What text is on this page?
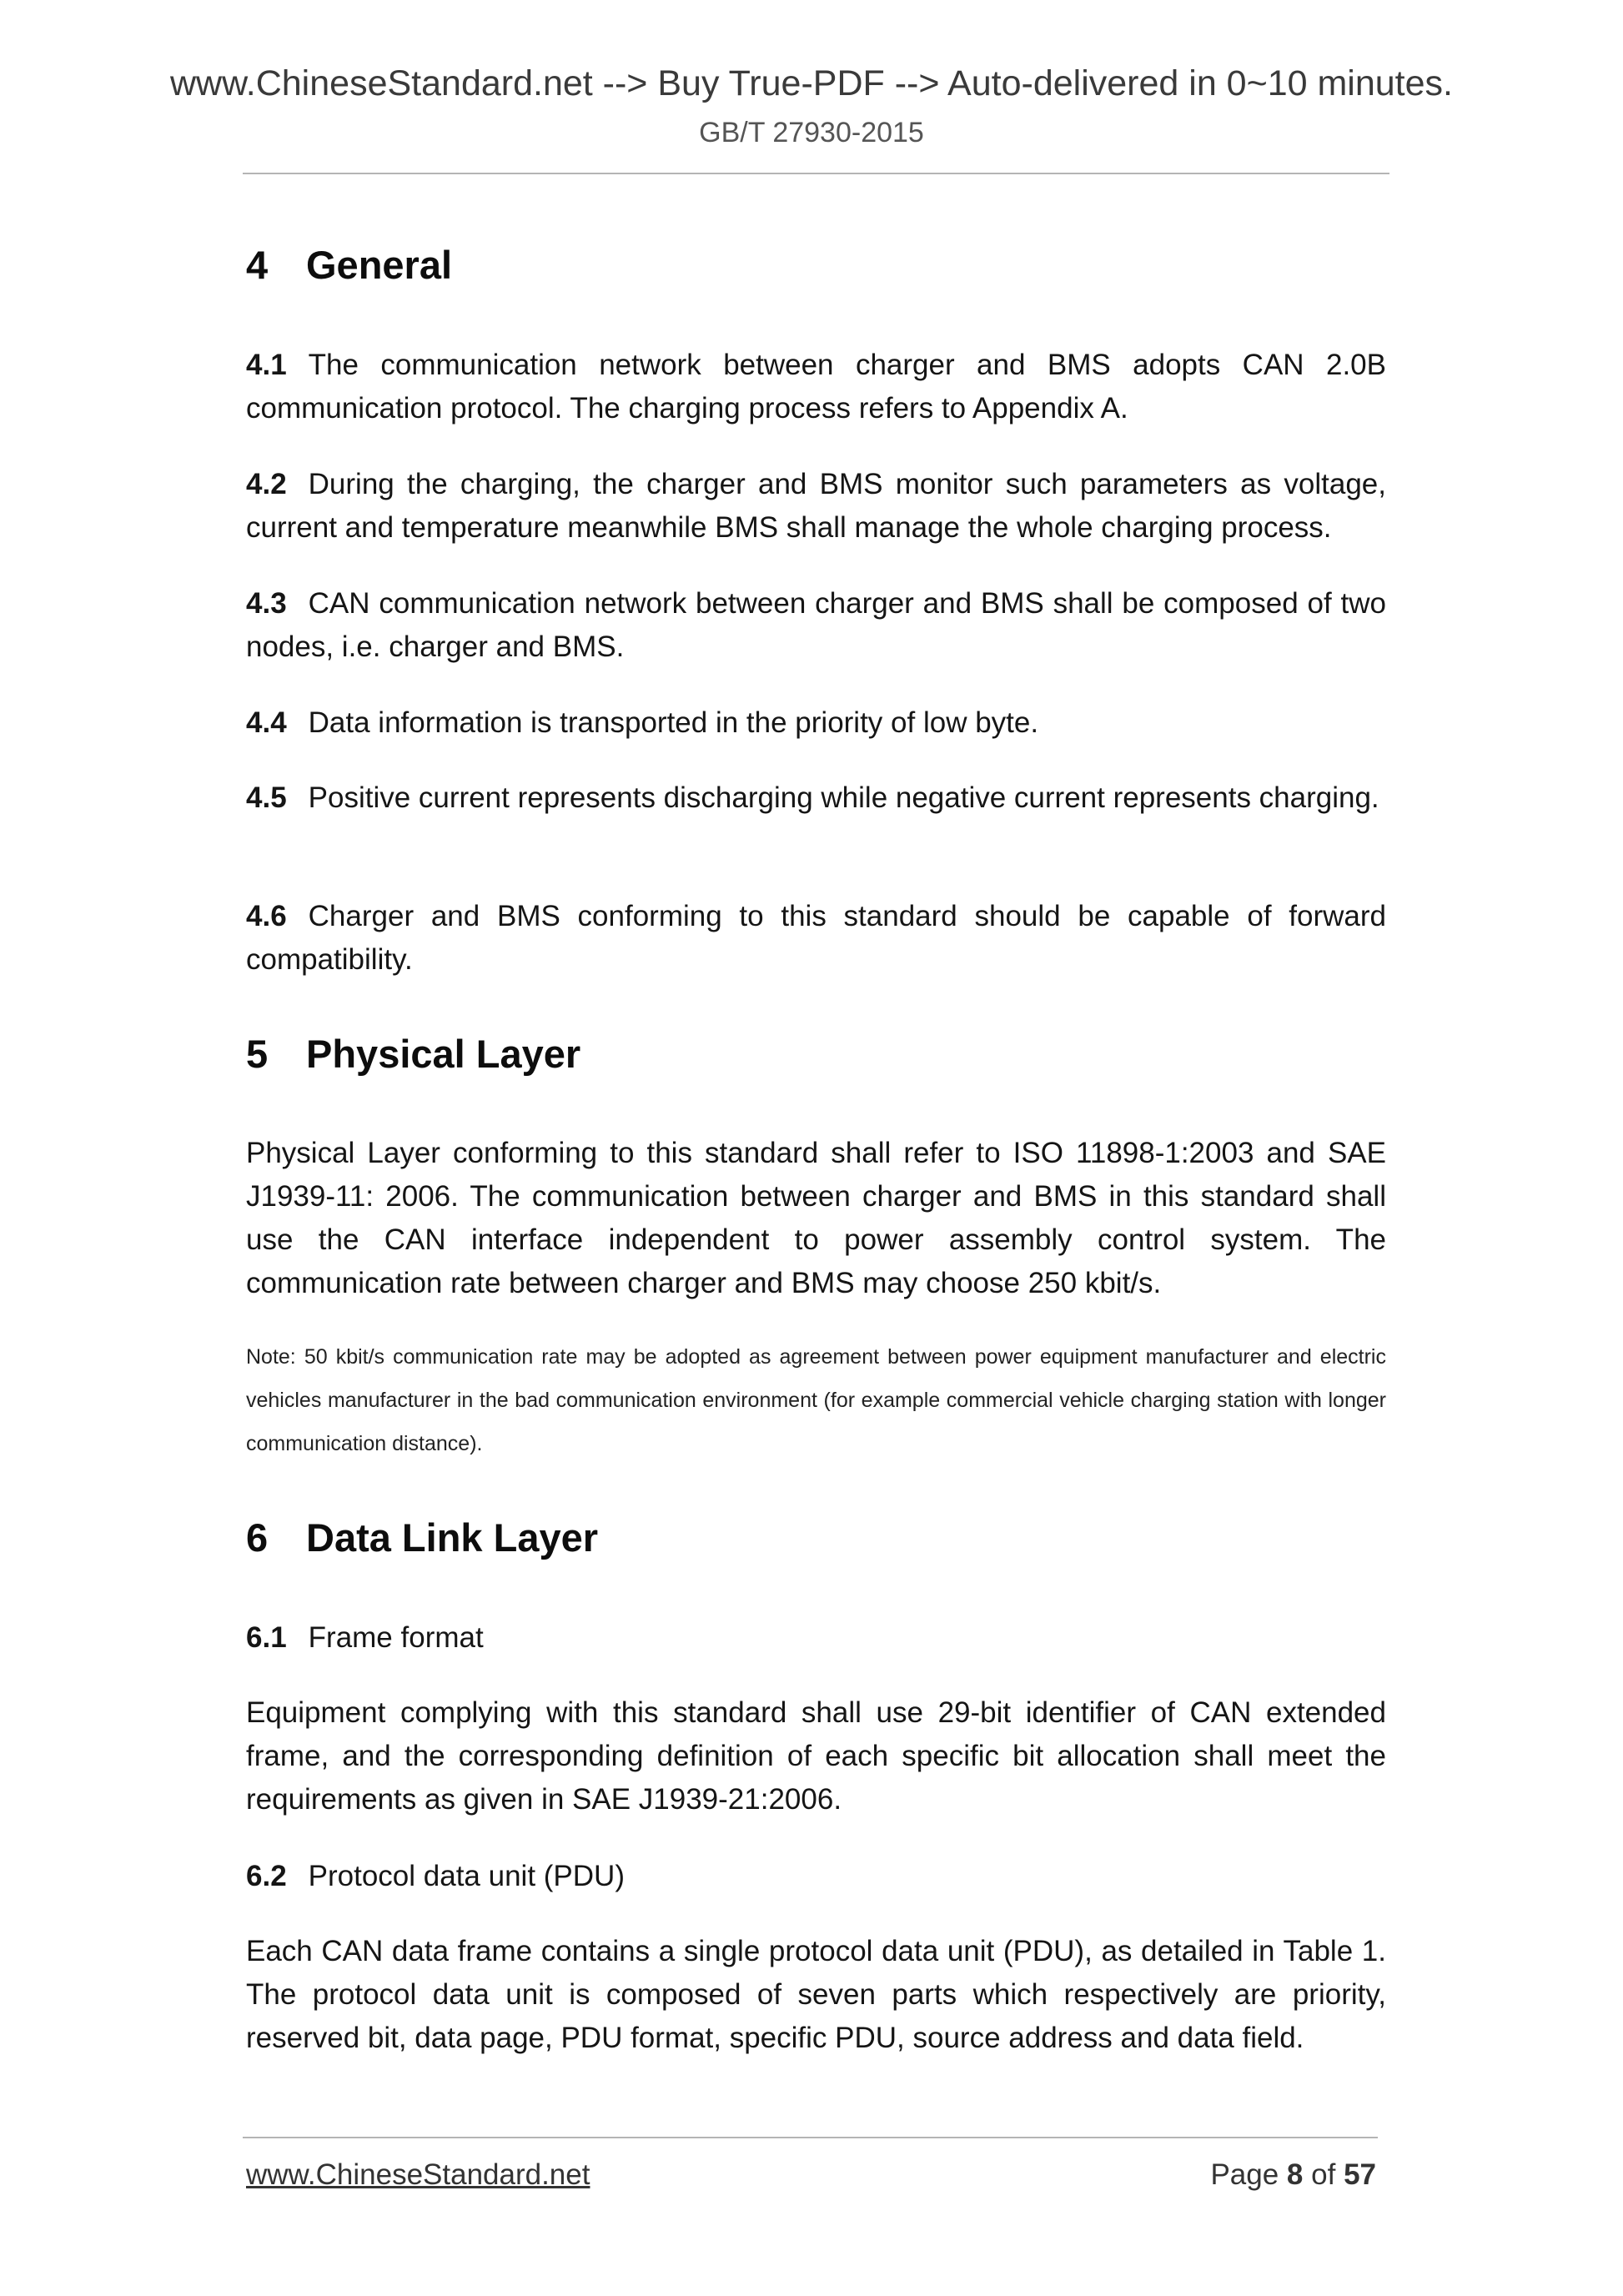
www.ChineseStandard.net --> Buy True-PDF --> Auto-delivered in 0~10 minutes.
GB/T 27930-2015
4 General

4.1 The communication network between charger and BMS adopts CAN 2.0B communication protocol. The charging process refers to Appendix A.

4.2 During the charging, the charger and BMS monitor such parameters as voltage, current and temperature meanwhile BMS shall manage the whole charging process.

4.3 CAN communication network between charger and BMS shall be composed of two nodes, i.e. charger and BMS.

4.4 Data information is transported in the priority of low byte.

4.5 Positive current represents discharging while negative current represents charging.

4.6 Charger and BMS conforming to this standard should be capable of forward compatibility.

5 Physical Layer

Physical Layer conforming to this standard shall refer to ISO 11898-1:2003 and SAE J1939-11: 2006. The communication between charger and BMS in this standard shall use the CAN interface independent to power assembly control system. The communication rate between charger and BMS may choose 250 kbit/s.

Note: 50 kbit/s communication rate may be adopted as agreement between power equipment manufacturer and electric vehicles manufacturer in the bad communication environment (for example commercial vehicle charging station with longer communication distance).

6 Data Link Layer

6.1 Frame format

Equipment complying with this standard shall use 29-bit identifier of CAN extended frame, and the corresponding definition of each specific bit allocation shall meet the requirements as given in SAE J1939-21:2006.

6.2 Protocol data unit (PDU)

Each CAN data frame contains a single protocol data unit (PDU), as detailed in Table 1. The protocol data unit is composed of seven parts which respectively are priority, reserved bit, data page, PDU format, specific PDU, source address and data field.

www.ChineseStandard.net	Page 8 of 57
